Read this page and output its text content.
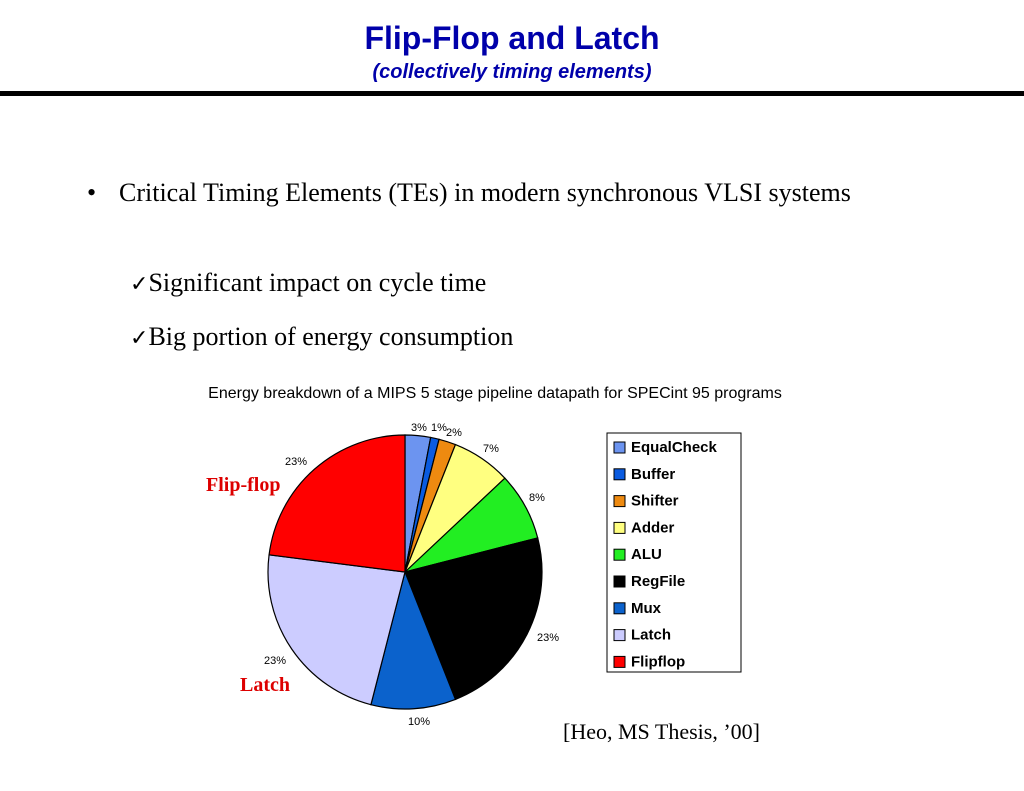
Flip-Flop and Latch
(collectively timing elements)
• Critical Timing Elements (TEs) in modern synchronous VLSI systems
✓Significant impact on cycle time
✓Big portion of energy consumption
Energy breakdown of a MIPS 5 stage pipeline datapath for SPECint 95 programs
3% 1% 2%
7%
8%
23%
10%
23%
23%
Flip-flop
Latch
EqualCheck
Buffer
Shifter
Adder
ALU
RegFile
Mux
Latch
Flipflop
[Heo, MS Thesis, ’00]
